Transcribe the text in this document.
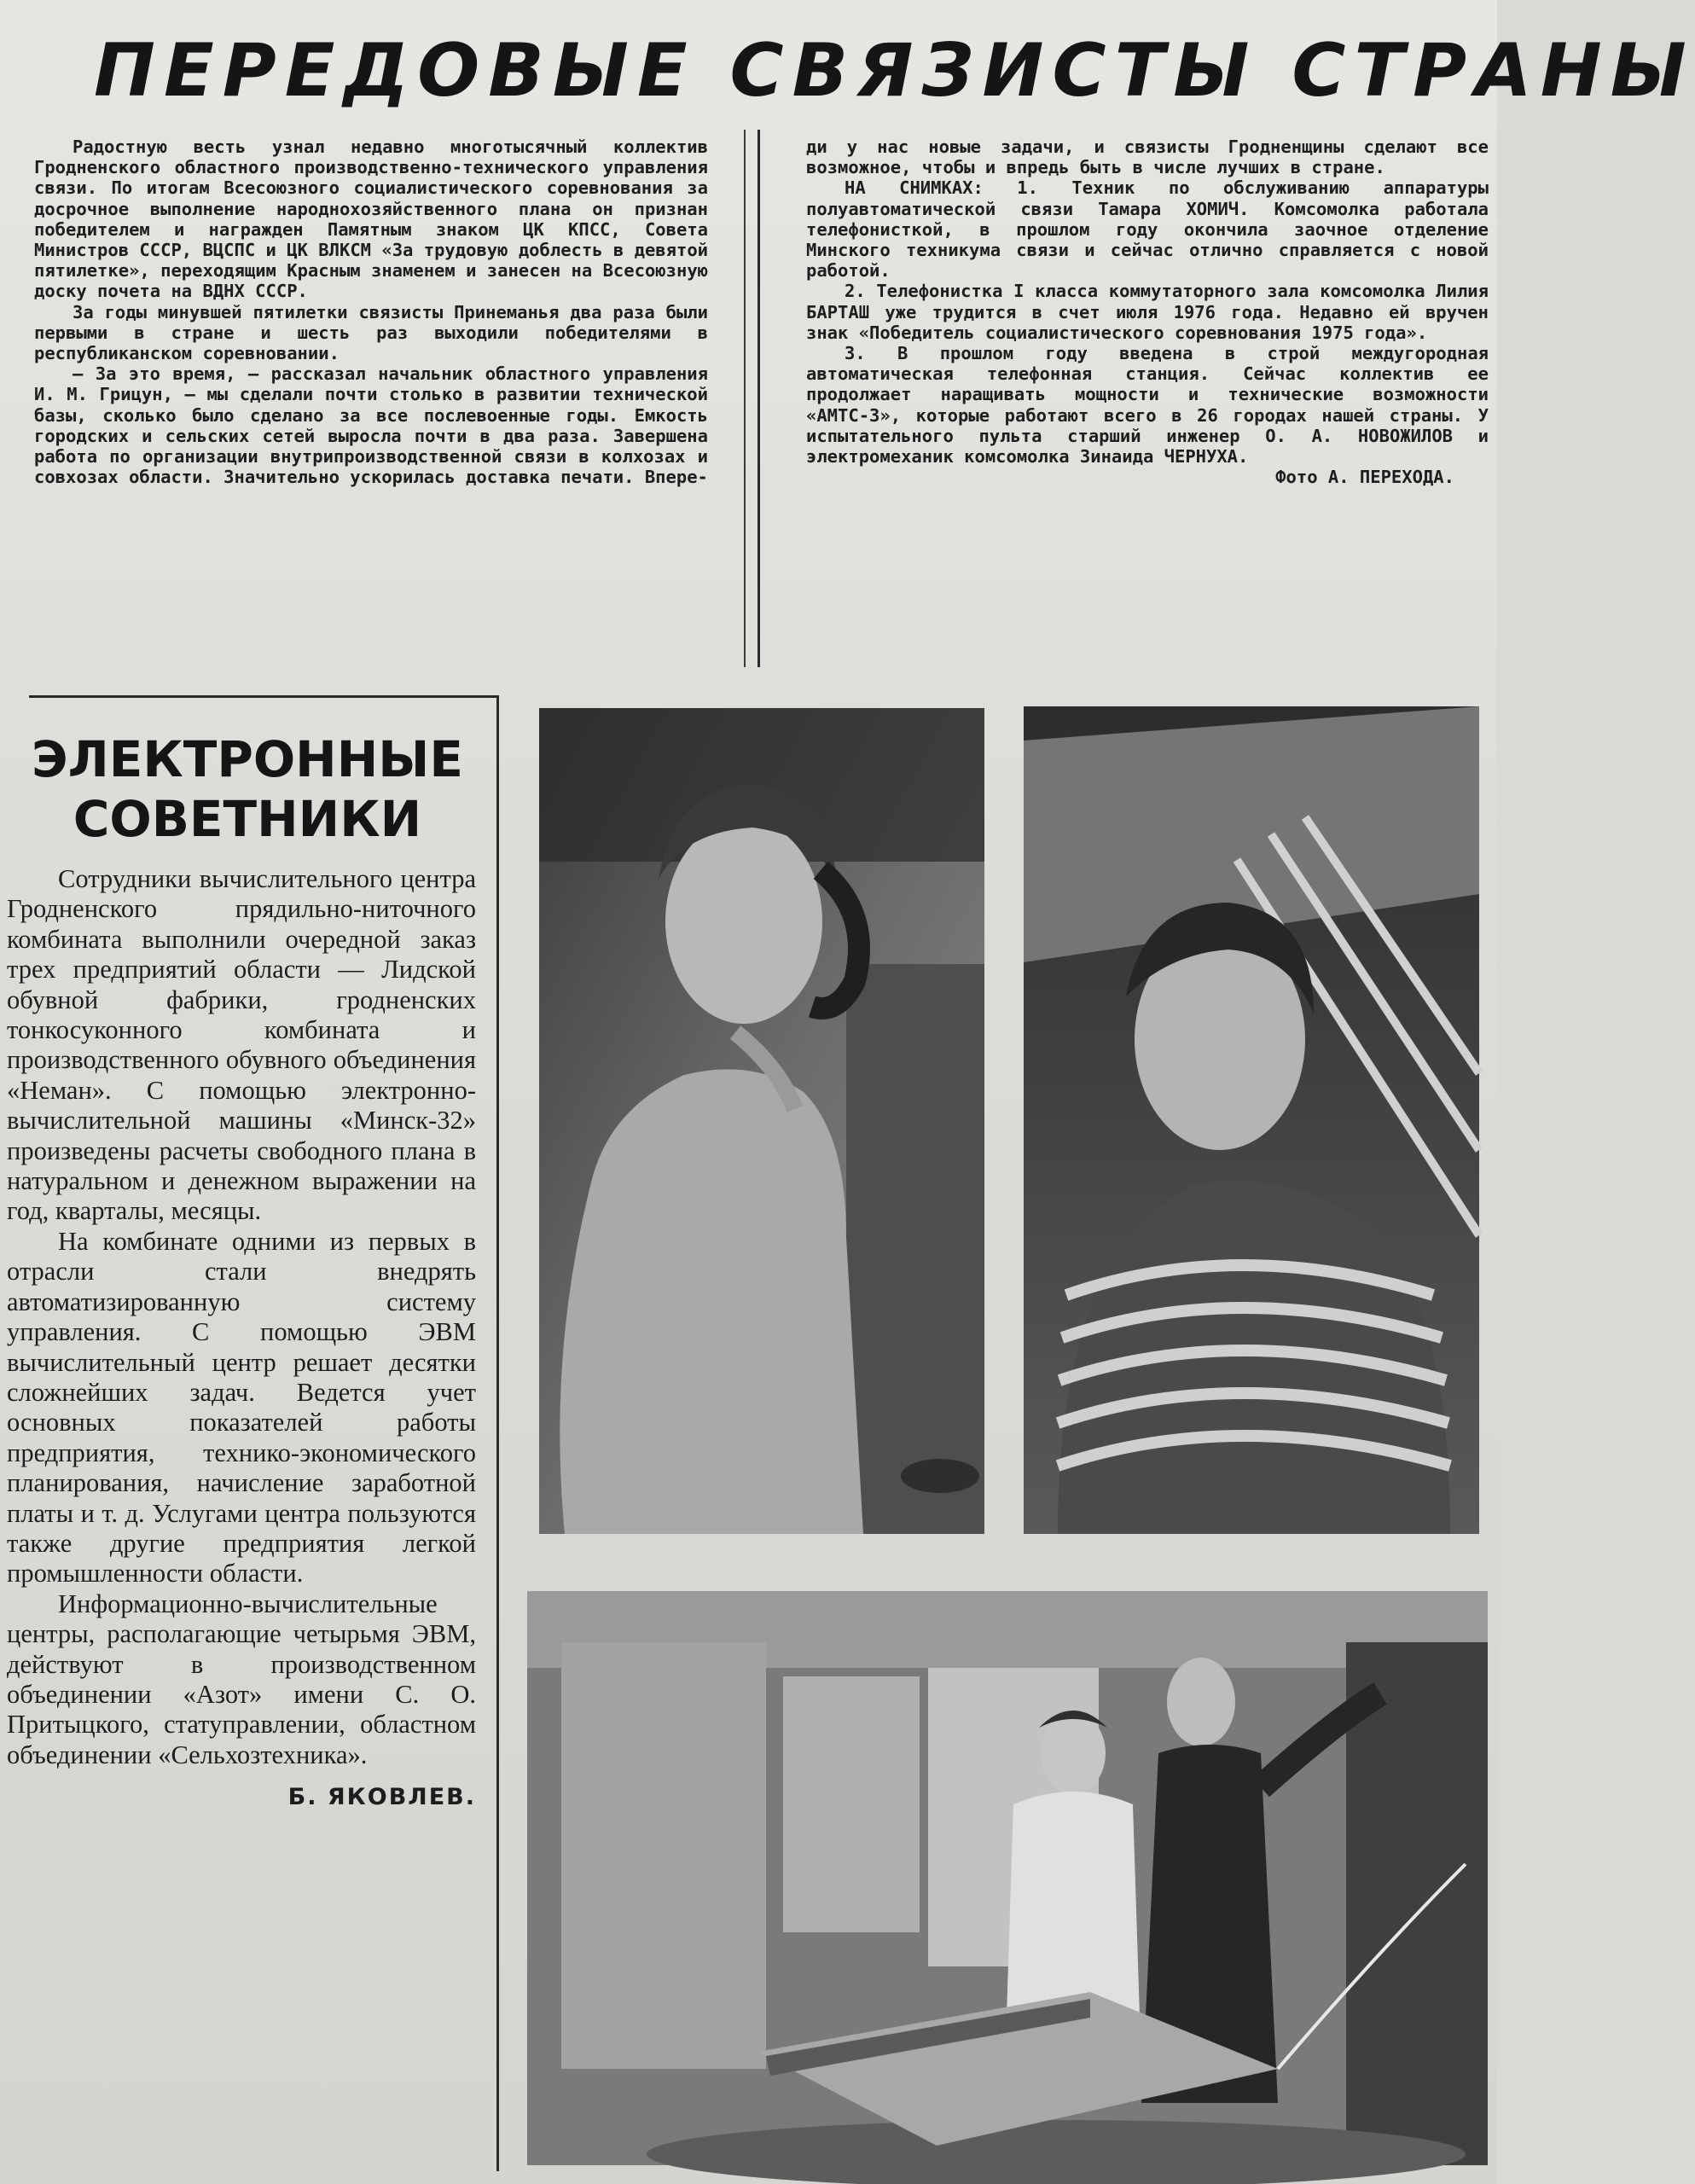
ПЕРЕДОВЫЕ СВЯЗИСТЫ СТРАНЫ

Радостную весть узнал недавно многотысячный коллектив Гродненского областного производственно-технического управления связи. По итогам Всесоюзного социалистического соревнования за досрочное выполнение народнохозяйственного плана он признан победителем и награжден Памятным знаком ЦК КПСС, Совета Министров СССР, ВЦСПС и ЦК ВЛКСМ «За трудовую доблесть в девятой пятилетке», переходящим Красным знаменем и занесен на Всесоюзную доску почета на ВДНХ СССР.

За годы минувшей пятилетки связисты Принеманья два раза были первыми в стране и шесть раз выходили победителями в республиканском соревновании.

— За это время, — рассказал начальник областного управления И. М. Грицун, — мы сделали почти столько в развитии технической базы, сколько было сделано за все послевоенные годы. Емкость городских и сельских сетей выросла почти в два раза. Завершена работа по организации внутрипроизводственной связи в колхозах и совхозах области. Значительно ускорилась доставка печати. Впере-

ди у нас новые задачи, и связисты Гродненщины сделают все возможное, чтобы и впредь быть в числе лучших в стране.

НА СНИМКАХ: 1. Техник по обслуживанию аппаратуры полуавтоматической связи Тамара ХОМИЧ. Комсомолка работала телефонисткой, в прошлом году окончила заочное отделение Минского техникума связи и сейчас отлично справляется с новой работой.

2. Телефонистка I класса коммутаторного зала комсомолка Лилия БАРТАШ уже трудится в счет июля 1976 года. Недавно ей вручен знак «Победитель социалистического соревнования 1975 года».

3. В прошлом году введена в строй междугородная автоматическая телефонная станция. Сейчас коллектив ее продолжает наращивать мощности и технические возможности «АМТС-3», которые работают всего в 26 городах нашей страны. У испытательного пульта старший инженер О. А. НОВОЖИЛОВ и электромеханик комсомолка Зинаида ЧЕРНУХА.

Фото А. ПЕРЕХОДА.

ЭЛЕКТРОННЫЕ СОВЕТНИКИ

Сотрудники вычислительного центра Гродненского прядильно-ниточного комбината выполнили очередной заказ трех предприятий области — Лидской обувной фабрики, гродненских тонкосуконного комбината и производственного обувного объединения «Неман». С помощью электронно-вычислительной машины «Минск-32» произведены расчеты свободного плана в натуральном и денежном выражении на год, кварталы, месяцы.

На комбинате одними из первых в отрасли стали внедрять автоматизированную систему управления. С помощью ЭВМ вычислительный центр решает десятки сложнейших задач. Ведется учет основных показателей работы предприятия, технико-экономического планирования, начисление заработной платы и т. д. Услугами центра пользуются также другие предприятия легкой промышленности области.

Информационно-вычислительные центры, располагающие четырьмя ЭВМ, действуют в производственном объединении «Азот» имени С. О. Притыцкого, статуправлении, областном объединении «Сельхозтехника».

Б. ЯКОВЛЕВ.
